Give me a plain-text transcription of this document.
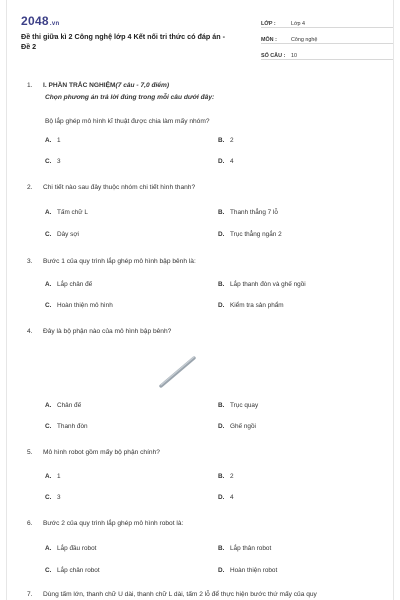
2048.vn
Đề thi giữa kì 2 Công nghệ lớp 4 Kết nối tri thức có đáp án -
Đề 2
LỚP :	Lớp 4
MÔN :	Công nghệ
SỐ CÂU :	10
1. I. PHẦN TRẮC NGHIỆM(7 câu - 7,0 điểm)
Chọn phương án trả lời đúng trong mỗi câu dưới đây:
Bộ lắp ghép mô hình kĩ thuật được chia làm mấy nhóm?
A. 1	B. 2
C. 3	D. 4
2. Chi tiết nào sau đây thuộc nhóm chi tiết hình thanh?
A. Tấm chữ L	B. Thanh thẳng 7 lỗ
C. Dây sợi	D. Trục thẳng ngắn 2
3. Bước 1 của quy trình lắp ghép mô hình bập bênh là:
A. Lắp chân đế	B. Lắp thanh đòn và ghế ngồi
C. Hoàn thiện mô hình	D. Kiểm tra sản phẩm
4. Đây là bộ phận nào của mô hình bập bênh?
A. Chân đế	B. Trục quay
C. Thanh đòn	D. Ghế ngồi
5. Mô hình robot gồm mấy bộ phận chính?
A. 1	B. 2
C. 3	D. 4
6. Bước 2 của quy trình lắp ghép mô hình robot là:
A. Lắp đầu robot	B. Lắp thân robot
C. Lắp chân robot	D. Hoàn thiện robot
7. Dùng tấm lớn, thanh chữ U dài, thanh chữ L dài, tấm 2 lỗ để thực hiện bước thứ mấy của quy
